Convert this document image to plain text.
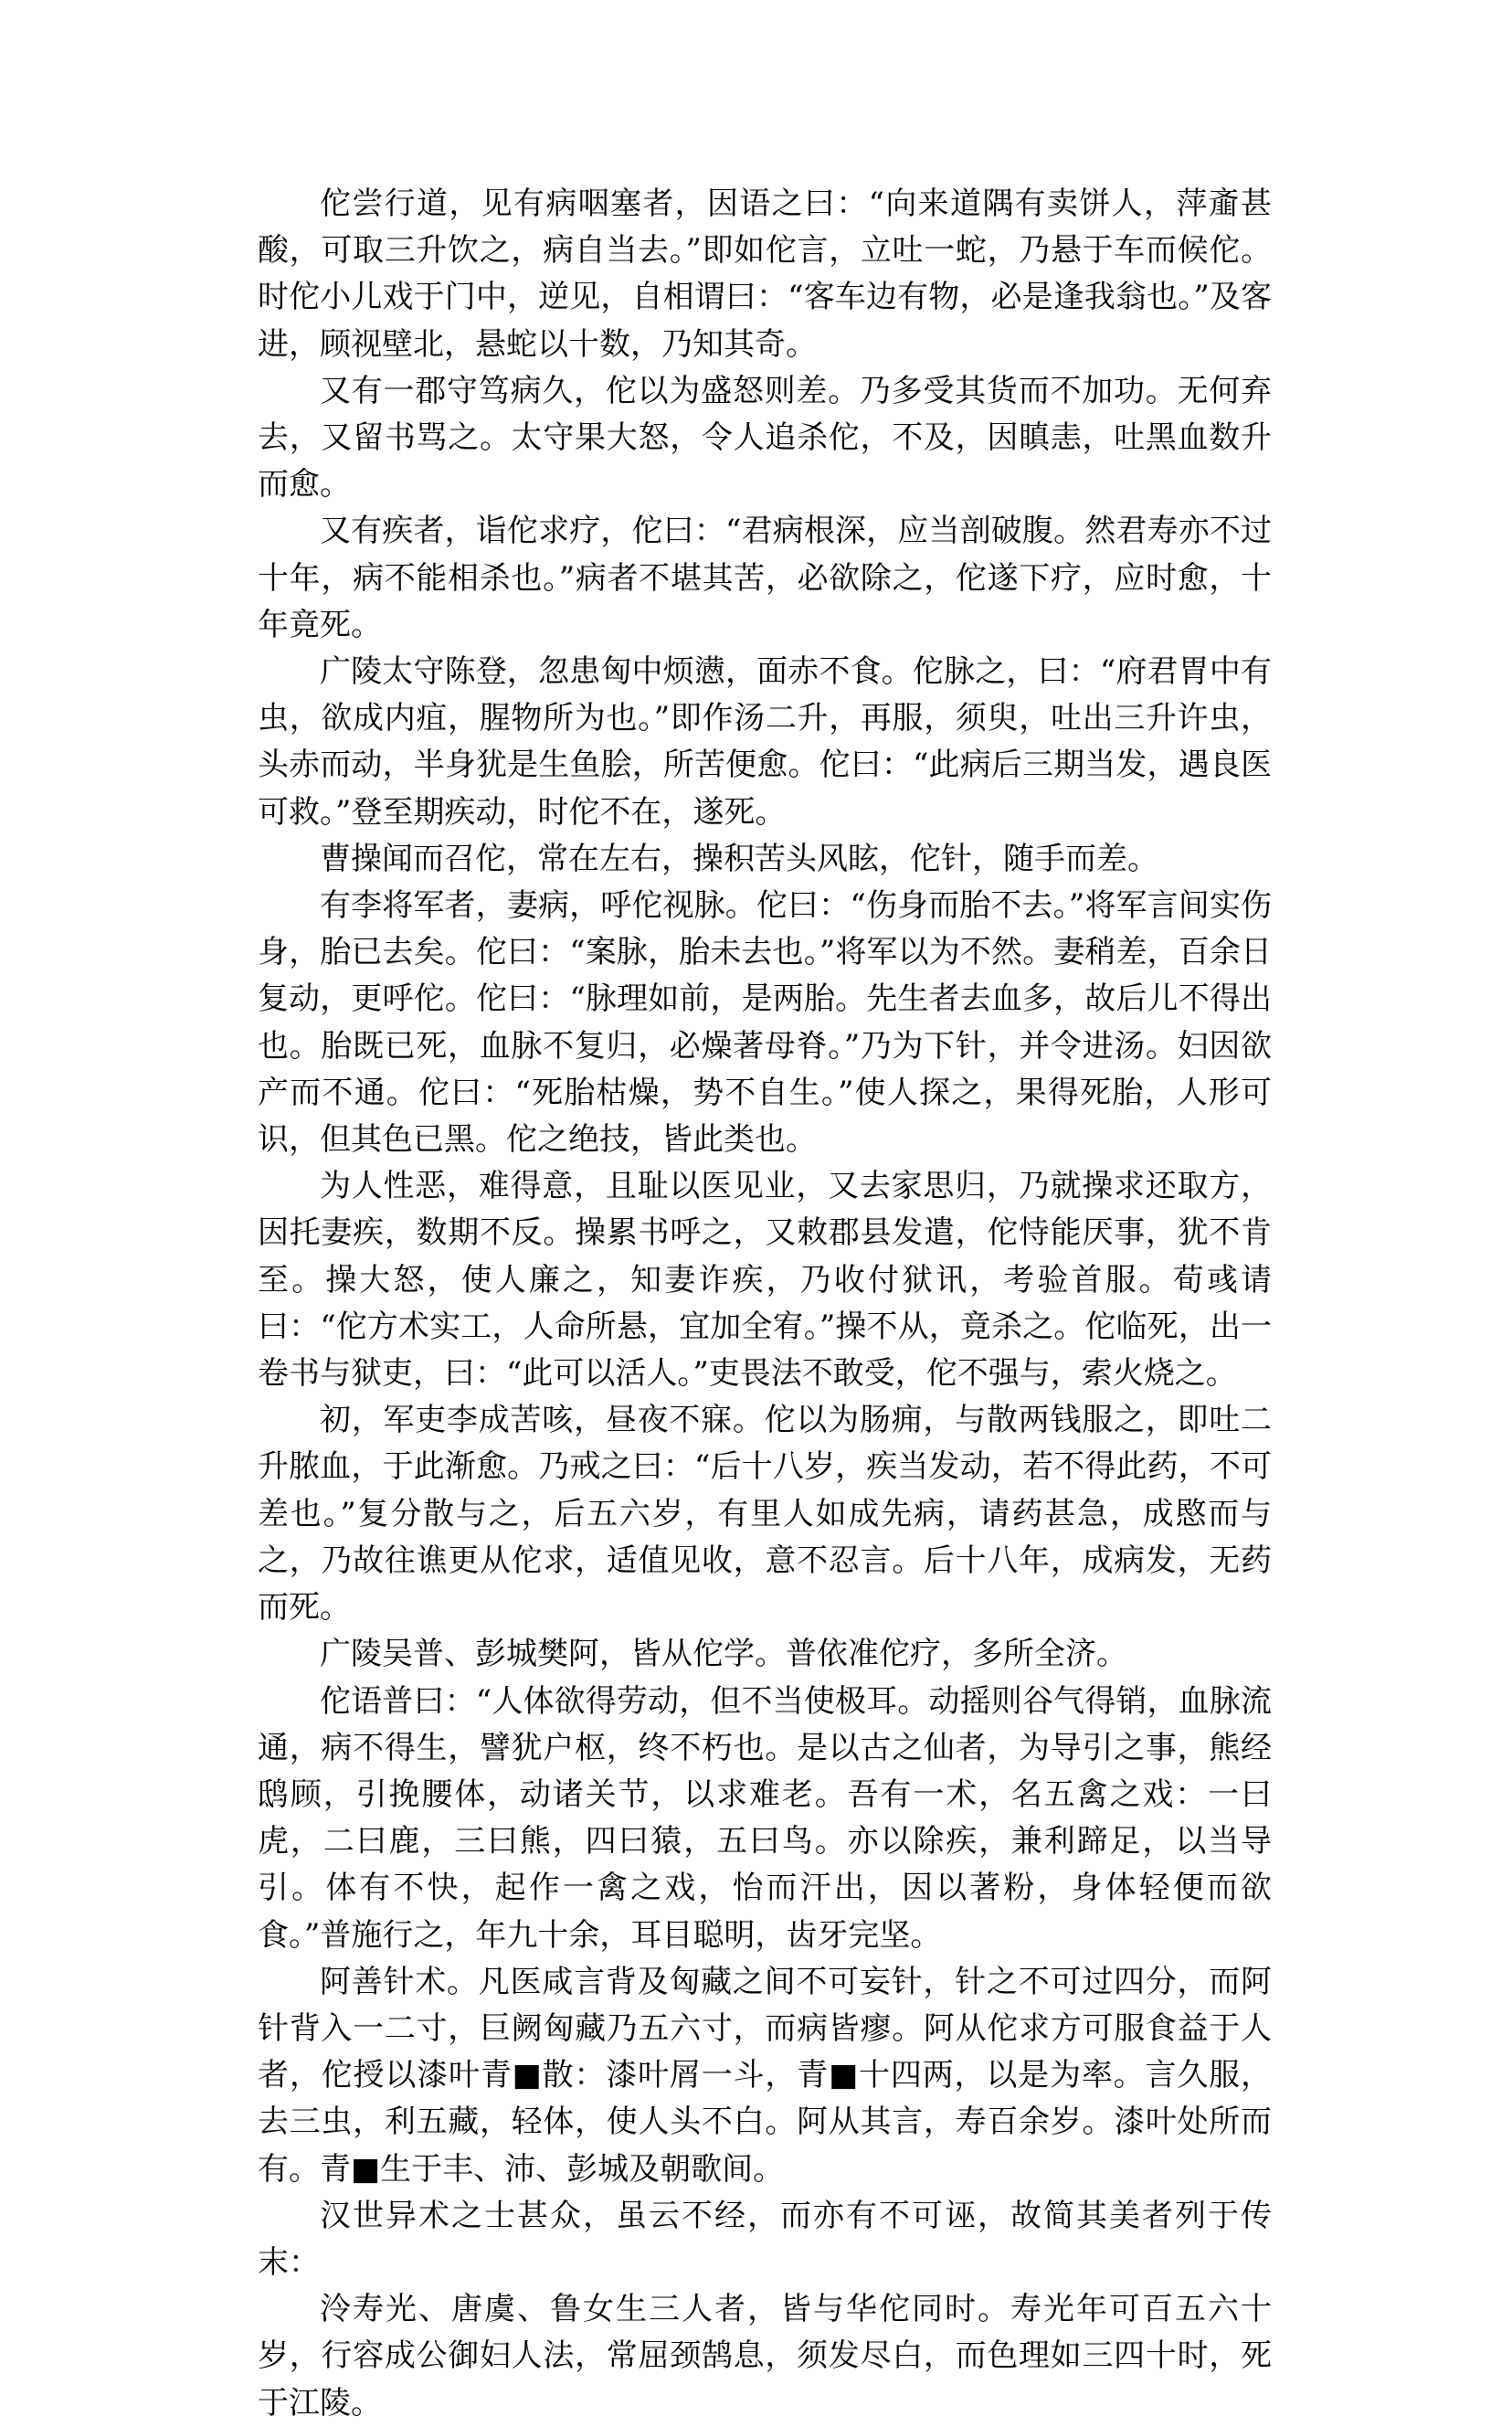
佗尝行道，见有病咽塞者，因语之曰：“向来道隅有卖饼人，萍齑甚酸，可取三升饮之，病自当去。”即如佗言，立吐一蛇，乃悬于车而候佗。时佗小儿戏于门中，逆见，自相谓曰：“客车边有物，必是逢我翁也。”及客进，顾视壁北，悬蛇以十数，乃知其奇。

又有一郡守笃病久，佗以为盛怒则差。乃多受其货而不加功。无何弃去，又留书骂之。太守果大怒，令人追杀佗，不及，因瞋恚，吐黑血数升而愈。

又有疾者，诣佗求疗，佗曰：“君病根深，应当剖破腹。然君寿亦不过十年，病不能相杀也。”病者不堪其苦，必欲除之，佗遂下疗，应时愈，十年竟死。

广陵太守陈登，忽患匈中烦懑，面赤不食。佗脉之，曰：“府君胃中有虫，欲成内疽，腥物所为也。”即作汤二升，再服，须臾，吐出三升许虫，头赤而动，半身犹是生鱼脍，所苦便愈。佗曰：“此病后三期当发，遇良医可救。”登至期疾动，时佗不在，遂死。

曹操闻而召佗，常在左右，操积苦头风眩，佗针，随手而差。

有李将军者，妻病，呼佗视脉。佗曰：“伤身而胎不去。”将军言间实伤身，胎已去矣。佗曰：“案脉，胎未去也。”将军以为不然。妻稍差，百余日复动，更呼佗。佗曰：“脉理如前，是两胎。先生者去血多，故后儿不得出也。胎既已死，血脉不复归，必燥著母脊。”乃为下针，并令进汤。妇因欲产而不通。佗曰：“死胎枯燥，势不自生。”使人探之，果得死胎，人形可识，但其色已黑。佗之绝技，皆此类也。

为人性恶，难得意，且耻以医见业，又去家思归，乃就操求还取方，因托妻疾，数期不反。操累书呼之，又敕郡县发遣，佗恃能厌事，犹不肯至。操大怒，使人廉之，知妻诈疾，乃收付狱讯，考验首服。荀彧请曰：“佗方术实工，人命所悬，宜加全宥。”操不从，竟杀之。佗临死，出一卷书与狱吏，曰：“此可以活人。”吏畏法不敢受，佗不强与，索火烧之。

初，军吏李成苦咳，昼夜不寐。佗以为肠痈，与散两钱服之，即吐二升脓血，于此渐愈。乃戒之曰：“后十八岁，疾当发动，若不得此药，不可差也。”复分散与之，后五六岁，有里人如成先病，请药甚急，成愍而与之，乃故往谯更从佗求，适值见收，意不忍言。后十八年，成病发，无药而死。

广陵吴普、彭城樊阿，皆从佗学。普依准佗疗，多所全济。

佗语普曰：“人体欲得劳动，但不当使极耳。动摇则谷气得销，血脉流通，病不得生，譬犹户枢，终不朽也。是以古之仙者，为导引之事，熊经鸱顾，引挽腰体，动诸关节，以求难老。吾有一术，名五禽之戏：一曰虎，二曰鹿，三曰熊，四曰猿，五曰鸟。亦以除疾，兼利蹄足，以当导引。体有不快，起作一禽之戏，怡而汗出，因以著粉，身体轻便而欲食。”普施行之，年九十余，耳目聪明，齿牙完坚。

阿善针术。凡医咸言背及匈藏之间不可妄针，针之不可过四分，而阿针背入一二寸，巨阙匈藏乃五六寸，而病皆瘳。阿从佗求方可服食益于人者，佗授以漆叶青■散：漆叶屑一斗，青■十四两，以是为率。言久服，去三虫，利五藏，轻体，使人头不白。阿从其言，寿百余岁。漆叶处所而有。青■生于丰、沛、彭城及朝歌间。

汉世异术之士甚众，虽云不经，而亦有不可诬，故简其美者列于传末：

泠寿光、唐虞、鲁女生三人者，皆与华佗同时。寿光年可百五六十岁，行容成公御妇人法，常屈颈鹄息，须发尽白，而色理如三四十时，死于江陵。
